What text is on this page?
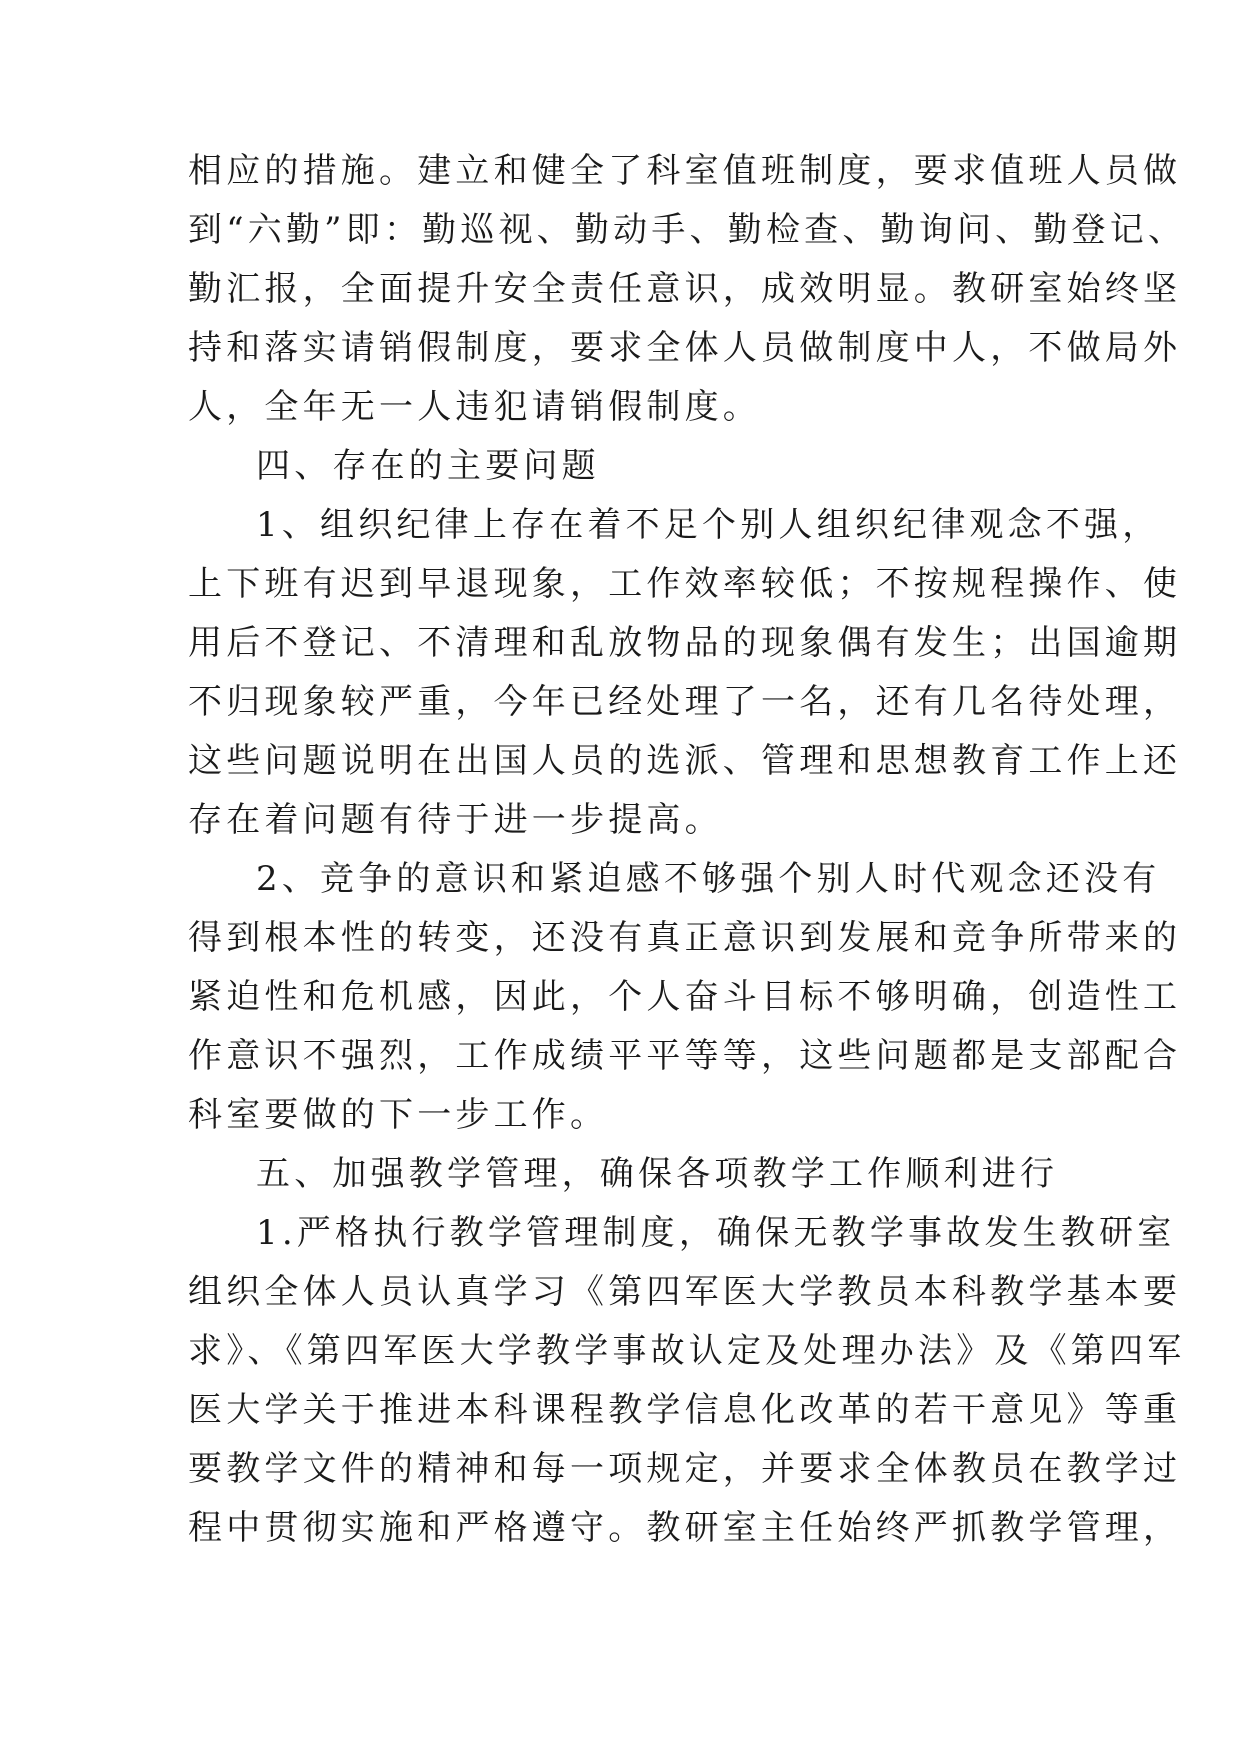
相应的措施。建立和健全了科室值班制度，要求值班人员做
到“六勤”即：勤巡视、勤动手、勤检查、勤询问、勤登记、
勤汇报，全面提升安全责任意识，成效明显。教研室始终坚
持和落实请销假制度，要求全体人员做制度中人，不做局外
人，全年无一人违犯请销假制度。
四、存在的主要问题
1、组织纪律上存在着不足个别人组织纪律观念不强，
上下班有迟到早退现象，工作效率较低；不按规程操作、使
用后不登记、不清理和乱放物品的现象偶有发生；出国逾期
不归现象较严重，今年已经处理了一名，还有几名待处理，
这些问题说明在出国人员的选派、管理和思想教育工作上还
存在着问题有待于进一步提高。
2、竞争的意识和紧迫感不够强个别人时代观念还没有
得到根本性的转变，还没有真正意识到发展和竞争所带来的
紧迫性和危机感，因此，个人奋斗目标不够明确，创造性工
作意识不强烈，工作成绩平平等等，这些问题都是支部配合
科室要做的下一步工作。
五、加强教学管理，确保各项教学工作顺利进行
1.严格执行教学管理制度，确保无教学事故发生教研室
组织全体人员认真学习《第四军医大学教员本科教学基本要
求》、《第四军医大学教学事故认定及处理办法》及《第四军
医大学关于推进本科课程教学信息化改革的若干意见》等重
要教学文件的精神和每一项规定，并要求全体教员在教学过
程中贯彻实施和严格遵守。教研室主任始终严抓教学管理，
